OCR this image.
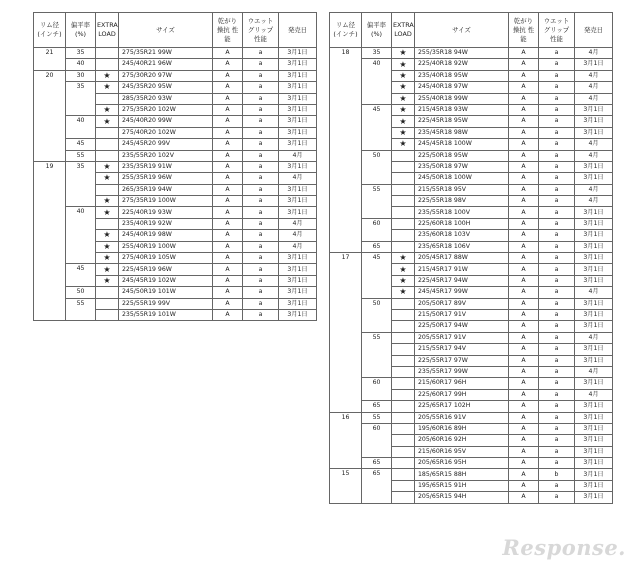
リム径 (インチ)	偏平率 (%)	EXTRA LOAD	サイズ	乾がり 操抗 性能	ウエット グリップ 性能	発売日
21	35		275/35R21 99W	A	a	3月1日
	40		245/40R21 96W	A	a	3月1日
20	30	★	275/30R20 97W	A	a	3月1日
	35	★	245/35R20 95W	A	a	3月1日
			285/35R20 93W	A	a	3月1日
		★	275/35R20 102W	A	a	3月1日
	40	★	245/40R20 99W	A	a	3月1日
			275/40R20 102W	A	a	3月1日
	45		245/45R20 99V	A	a	3月1日
	55		235/55R20 102V	A	a	4月
19	35	★	235/35R19 91W	A	a	3月1日
		★	255/35R19 96W	A	a	4月
			265/35R19 94W	A	a	3月1日
		★	275/35R19 100W	A	a	3月1日
	40	★	225/40R19 93W	A	a	3月1日
			235/40R19 92W	A	a	4月
		★	245/40R19 98W	A	a	4月
		★	255/40R19 100W	A	a	4月
		★	275/40R19 105W	A	a	3月1日
	45	★	225/45R19 96W	A	a	3月1日
		★	245/45R19 102W	A	a	3月1日
	50		245/50R19 101W	A	a	3月1日
	55		225/55R19 99V	A	a	3月1日
			235/55R19 101W	A	a	3月1日
リム径 (インチ)	偏平率 (%)	EXTRA LOAD	サイズ	乾がり 操抗 性能	ウエット グリップ 性能	発売日
18	35	★	255/35R18 94W	A	a	4月
	40	★	225/40R18 92W	A	a	3月1日
		★	235/40R18 95W	A	a	4月
		★	245/40R18 97W	A	a	4月
		★	255/40R18 99W	A	a	4月
	45	★	215/45R18 93W	A	a	3月1日
		★	225/45R18 95W	A	a	3月1日
		★	235/45R18 98W	A	a	3月1日
		★	245/45R18 100W	A	a	4月
	50		225/50R18 95W	A	a	4月
			235/50R18 97W	A	a	3月1日
			245/50R18 100W	A	a	3月1日
	55		215/55R18 95V	A	a	4月
			225/55R18 98V	A	a	4月
			235/55R18 100V	A	a	3月1日
	60		225/60R18 100H	A	a	3月1日
			235/60R18 103V	A	a	3月1日
	65		235/65R18 106V	A	a	3月1日
17	45	★	205/45R17 88W	A	a	3月1日
		★	215/45R17 91W	A	a	3月1日
		★	225/45R17 94W	A	a	3月1日
		★	245/45R17 99W	A	a	4月
	50		205/50R17 89V	A	a	3月1日
			215/50R17 91V	A	a	3月1日
			225/50R17 94W	A	a	3月1日
	55		205/55R17 91V	A	a	4月
			215/55R17 94V	A	a	3月1日
			225/55R17 97W	A	a	3月1日
			235/55R17 99W	A	a	4月
	60		215/60R17 96H	A	a	3月1日
			225/60R17 99H	A	a	4月
	65		225/65R17 102H	A	a	3月1日
16	55		205/55R16 91V	A	a	3月1日
	60		195/60R16 89H	A	a	3月1日
			205/60R16 92H	A	a	3月1日
			215/60R16 95V	A	a	3月1日
	65		205/65R16 95H	A	a	3月1日
15	65		185/65R15 88H	A	b	3月1日
			195/65R15 91H	A	a	3月1日
			205/65R15 94H	A	a	3月1日
Response.
